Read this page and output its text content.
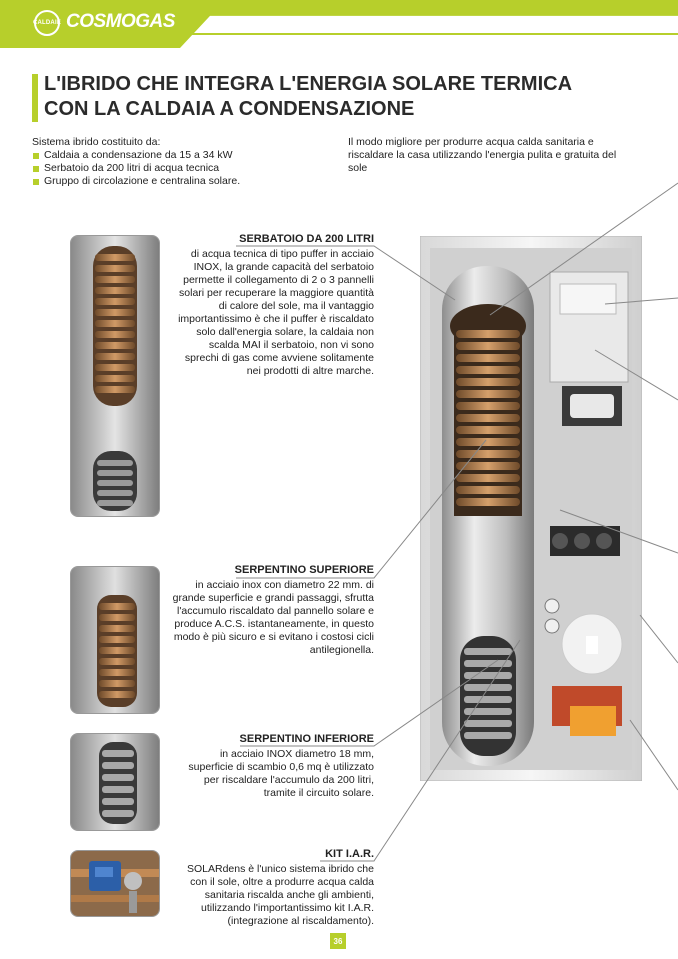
CALDAIE COSMOGAS
L'IBRIDO CHE INTEGRA L'ENERGIA SOLARE TERMICA
CON LA CALDAIA A CONDENSAZIONE
Sistema ibrido costituito da:
Caldaia a condensazione da 15 a 34 kW
Serbatoio da 200 litri di acqua tecnica
Gruppo di circolazione e centralina solare.
Il modo migliore per produrre acqua calda sanitaria e riscaldare la casa utilizzando l'energia pulita e gratuita del sole
SERBATOIO DA 200 LITRI
di acqua tecnica di tipo puffer in acciaio INOX, la grande capacità del serbatoio permette il collegamento di 2 o 3 pannelli solari per recuperare la maggiore quantità di calore del sole, ma il vantaggio importantissimo è che il puffer è riscaldato solo dall'energia solare, la caldaia non scalda MAI il serbatoio, non vi sono sprechi di gas come avviene solitamente nei prodotti di altre marche.
SERPENTINO SUPERIORE
in acciaio inox con diametro 22 mm. di grande superficie e grandi passaggi, sfrutta l'accumulo riscaldato dal pannello solare e produce A.C.S. istantaneamente, in questo modo è più sicuro e si evitano i costosi cicli antilegionella.
SERPENTINO INFERIORE
in acciaio INOX diametro 18 mm, superficie di scambio 0,6 mq è utilizzato per riscaldare l'accumulo da 200 litri, tramite il circuito solare.
KIT I.A.R.
SOLARdens è l'unico sistema ibrido che con il sole, oltre a produrre acqua calda sanitaria riscalda anche gli ambienti, utilizzando l'importantissimo kit I.A.R. (integrazione al riscaldamento).
36
